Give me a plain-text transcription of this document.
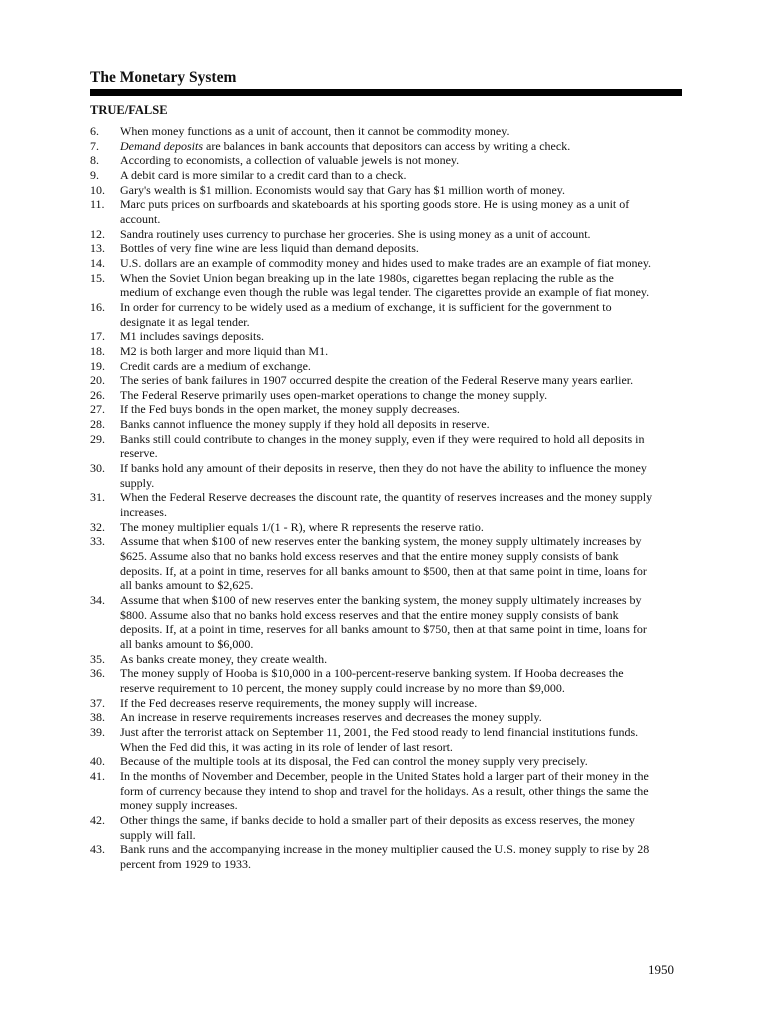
The Monetary System
TRUE/FALSE
6.	When money functions as a unit of account, then it cannot be commodity money.
7.	Demand deposits are balances in bank accounts that depositors can access by writing a check.
8.	According to economists, a collection of valuable jewels is not money.
9.	A debit card is more similar to a credit card than to a check.
10.	Gary's wealth is $1 million. Economists would say that Gary has $1 million worth of money.
11.	Marc puts prices on surfboards and skateboards at his sporting goods store. He is using money as a unit of
account.
12.	Sandra routinely uses currency to purchase her groceries. She is using money as a unit of account.
13.	Bottles of very fine wine are less liquid than demand deposits.
14.	U.S. dollars are an example of commodity money and hides used to make trades are an example of fiat money.
15.	When the Soviet Union began breaking up in the late 1980s, cigarettes began replacing the ruble as the
medium of exchange even though the ruble was legal tender. The cigarettes provide an example of fiat money.
16.	In order for currency to be widely used as a medium of exchange, it is sufficient for the government to
designate it as legal tender.
17.	M1 includes savings deposits.
18.	M2 is both larger and more liquid than M1.
19.	Credit cards are a medium of exchange.
20.	The series of bank failures in 1907 occurred despite the creation of the Federal Reserve many years earlier.
26.	The Federal Reserve primarily uses open-market operations to change the money supply.
27.	If the Fed buys bonds in the open market, the money supply decreases.
28.	Banks cannot influence the money supply if they hold all deposits in reserve.
29.	Banks still could contribute to changes in the money supply, even if they were required to hold all deposits in
reserve.
30.	If banks hold any amount of their deposits in reserve, then they do not have the ability to influence the money
supply.
31.	When the Federal Reserve decreases the discount rate, the quantity of reserves increases and the money supply
increases.
32.	The money multiplier equals 1/(1 - R), where R represents the reserve ratio.
33.	Assume that when $100 of new reserves enter the banking system, the money supply ultimately increases by
$625. Assume also that no banks hold excess reserves and that the entire money supply consists of bank
deposits. If, at a point in time, reserves for all banks amount to $500, then at that same point in time, loans for
all banks amount to $2,625.
34.	Assume that when $100 of new reserves enter the banking system, the money supply ultimately increases by
$800. Assume also that no banks hold excess reserves and that the entire money supply consists of bank
deposits. If, at a point in time, reserves for all banks amount to $750, then at that same point in time, loans for
all banks amount to $6,000.
35.	As banks create money, they create wealth.
36.	The money supply of Hooba is $10,000 in a 100-percent-reserve banking system. If Hooba decreases the
reserve requirement to 10 percent, the money supply could increase by no more than $9,000.
37.	If the Fed decreases reserve requirements, the money supply will increase.
38.	An increase in reserve requirements increases reserves and decreases the money supply.
39.	Just after the terrorist attack on September 11, 2001, the Fed stood ready to lend financial institutions funds.
When the Fed did this, it was acting in its role of lender of last resort.
40.	Because of the multiple tools at its disposal, the Fed can control the money supply very precisely.
41.	In the months of November and December, people in the United States hold a larger part of their money in the
form of currency because they intend to shop and travel for the holidays. As a result, other things the same the
money supply increases.
42.	Other things the same, if banks decide to hold a smaller part of their deposits as excess reserves, the money
supply will fall.
43.	Bank runs and the accompanying increase in the money multiplier caused the U.S. money supply to rise by 28
percent from 1929 to 1933.
1950
